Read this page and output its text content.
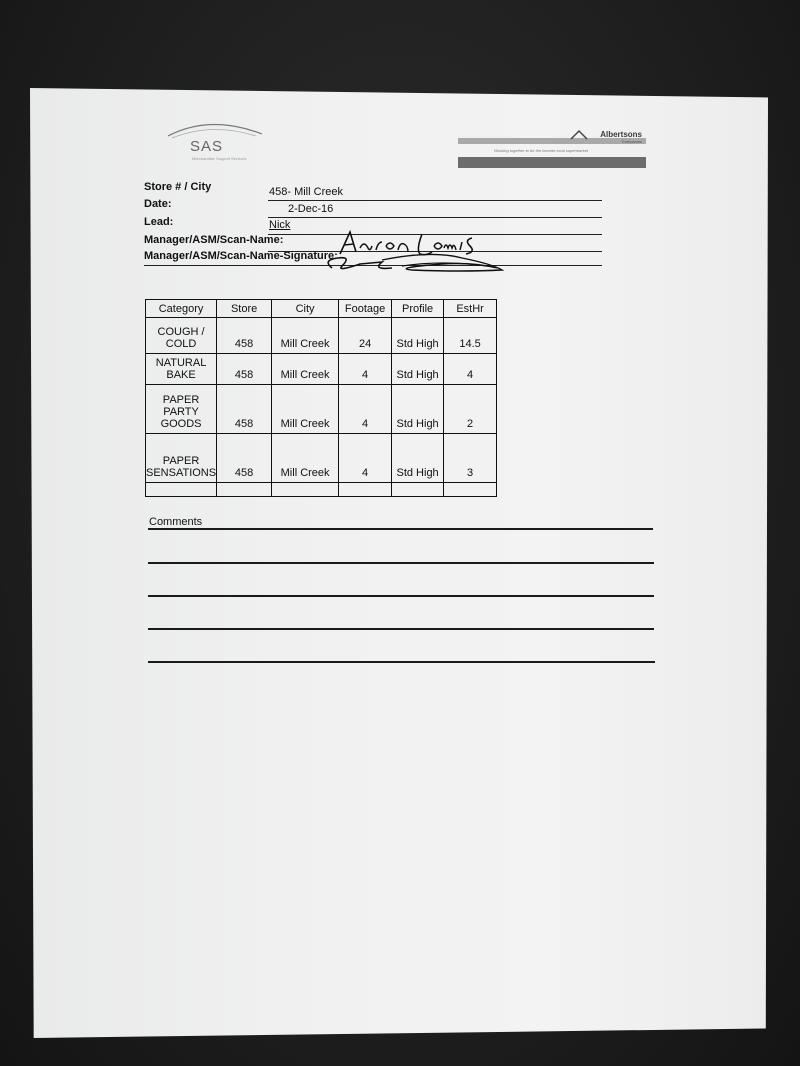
SAS
Merchandise Support Services
Albertsons
Companies
Working together to be the favorite local supermarket
Store # / City	458- Mill Creek
Date:	2-Dec-16
Lead:	Nick
Manager/ASM/Scan-Name:
Manager/ASM/Scan-Name-Signature:
Category	Store	City	Footage	Profile	EstHr
COUGH /
COLD	458	Mill Creek	24	Std High	14.5
NATURAL
BAKE	458	Mill Creek	4	Std High	4
PAPER PARTY
GOODS	458	Mill Creek	4	Std High	2
PAPER
SENSATIONS	458	Mill Creek	4	Std High	3

Comments
